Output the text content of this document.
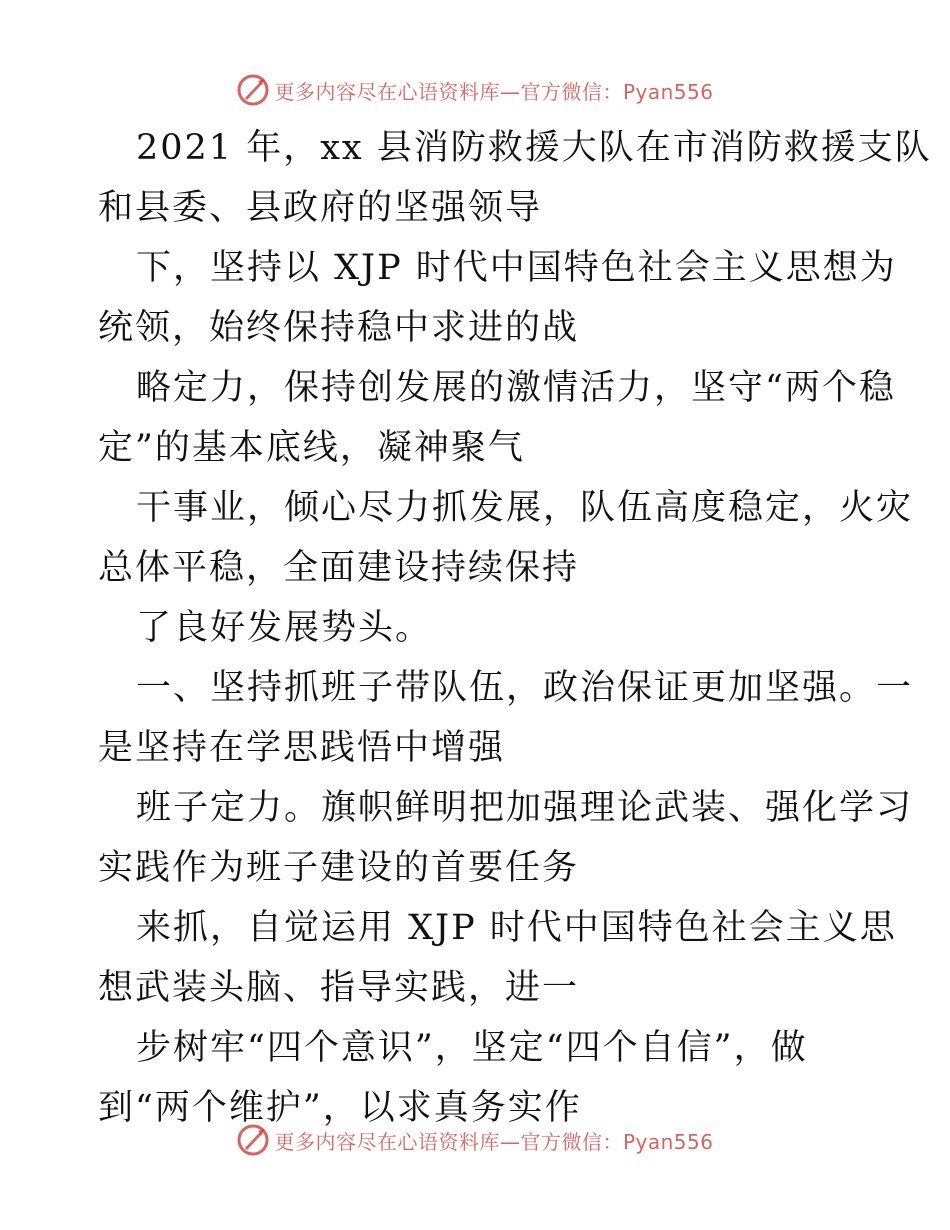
更多内容尽在心语资料库—官方微信：Pyan556
2021 年，xx 县消防救援大队在市消防救援支队
和县委、县政府的坚强领导
下，坚持以 XJP 时代中国特色社会主义思想为
统领，始终保持稳中求进的战
略定力，保持创发展的激情活力，坚守“两个稳
定”的基本底线，凝神聚气
干事业，倾心尽力抓发展，队伍高度稳定，火灾
总体平稳，全面建设持续保持
了良好发展势头。
一、坚持抓班子带队伍，政治保证更加坚强。一
是坚持在学思践悟中增强
班子定力。旗帜鲜明把加强理论武装、强化学习
实践作为班子建设的首要任务
来抓，自觉运用 XJP 时代中国特色社会主义思
想武装头脑、指导实践，进一
步树牢“四个意识”，坚定“四个自信”，做
到“两个维护”，以求真务实作
更多内容尽在心语资料库—官方微信：Pyan556
